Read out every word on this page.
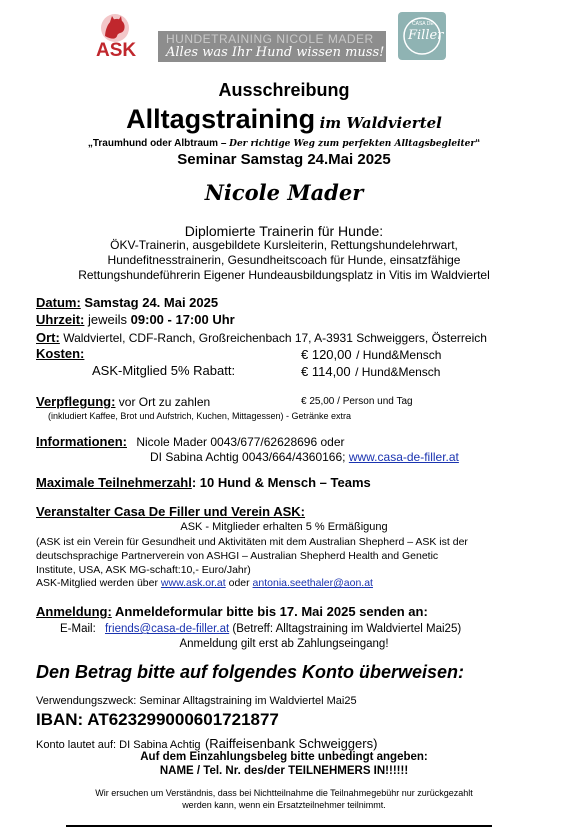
ASK
HUNDETRAINING NICOLE MADER
Alles was Ihr Hund wissen muss!
CASA DE
Filler
Ausschreibung
Alltagstraining im Waldviertel
„Traumhund oder Albtraum – Der richtige Weg zum perfekten Alltagsbegleiter“
Seminar Samstag 24.Mai 2025
Nicole Mader
Diplomierte Trainerin für Hunde:
ÖKV-Trainerin, ausgebildete Kursleiterin, Rettungshundelehrwart,
Hundefitnesstrainerin, Gesundheitscoach für Hunde, einsatzfähige
Rettungshundeführerin Eigener Hundeausbildungsplatz in Vitis im Waldviertel
Datum: Samstag 24. Mai 2025
Uhrzeit: jeweils 09:00 - 17:00 Uhr
Ort: Waldviertel, CDF-Ranch, Großreichenbach 17, A-3931 Schweiggers, Österreich
Kosten:	€ 120,00 / Hund&Mensch
ASK-Mitglied 5% Rabatt:	€ 114,00 / Hund&Mensch
Verpflegung: vor Ort zu zahlen	€ 25,00 / Person und Tag
(inkludiert Kaffee, Brot und Aufstrich, Kuchen, Mittagessen) - Getränke extra
Informationen: Nicole Mader 0043/677/62628696 oder
DI Sabina Achtig 0043/664/4360166; www.casa-de-filler.at
Maximale Teilnehmerzahl: 10 Hund & Mensch – Teams
Veranstalter Casa De Filler und Verein ASK:
ASK - Mitglieder erhalten 5 % Ermäßigung
(ASK ist ein Verein für Gesundheit und Aktivitäten mit dem Australian Shepherd – ASK ist der
deutschsprachige Partnerverein von ASHGI – Australian Shepherd Health and Genetic
Institute, USA, ASK MG-schaft:10,- Euro/Jahr)
ASK-Mitglied werden über www.ask.or.at oder antonia.seethaler@aon.at
Anmeldung: Anmeldeformular bitte bis 17. Mai 2025 senden an:
E-Mail: friends@casa-de-filler.at (Betreff: Alltagstraining im Waldviertel Mai25)
Anmeldung gilt erst ab Zahlungseingang!
Den Betrag bitte auf folgendes Konto überweisen:
Verwendungszweck: Seminar Alltagstraining im Waldviertel Mai25
IBAN: AT623299000601721877
Konto lautet auf: DI Sabina Achtig (Raiffeisenbank Schweiggers)
Auf dem Einzahlungsbeleg bitte unbedingt angeben:
NAME / Tel. Nr. des/der TEILNEHMERS IN!!!!!!
Wir ersuchen um Verständnis, dass bei Nichtteilnahme die Teilnahmegebühr nur zurückgezahlt
werden kann, wenn ein Ersatzteilnehmer teilnimmt.
